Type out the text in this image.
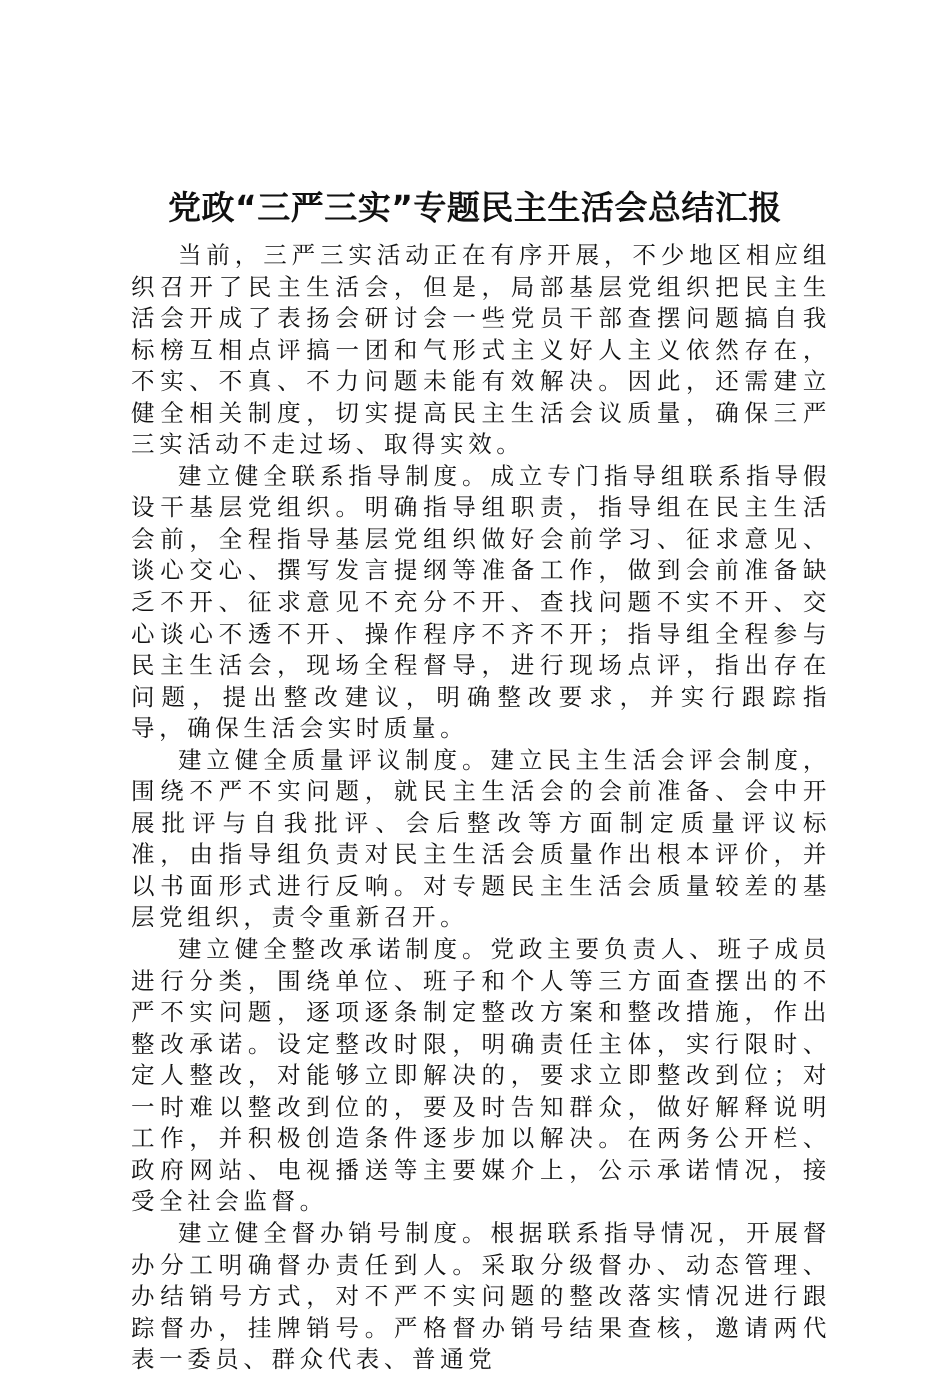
党政“三严三实”专题民主生活会总结汇报

当前，三严三实活动正在有序开展，不少地区相应组织召开了民主生活会，但是，局部基层党组织把民主生活会开成了表扬会研讨会一些党员干部查摆问题搞自我标榜互相点评搞一团和气形式主义好人主义依然存在，不实、不真、不力问题未能有效解决。因此，还需建立健全相关制度，切实提高民主生活会议质量，确保三严三实活动不走过场、取得实效。

建立健全联系指导制度。成立专门指导组联系指导假设干基层党组织。明确指导组职责，指导组在民主生活会前，全程指导基层党组织做好会前学习、征求意见、谈心交心、撰写发言提纲等准备工作，做到会前准备缺乏不开、征求意见不充分不开、查找问题不实不开、交心谈心不透不开、操作程序不齐不开；指导组全程参与民主生活会，现场全程督导，进行现场点评，指出存在问题，提出整改建议，明确整改要求，并实行跟踪指导，确保生活会实时质量。

建立健全质量评议制度。建立民主生活会评会制度，围绕不严不实问题，就民主生活会的会前准备、会中开展批评与自我批评、会后整改等方面制定质量评议标准，由指导组负责对民主生活会质量作出根本评价，并以书面形式进行反响。对专题民主生活会质量较差的基层党组织，责令重新召开。

建立健全整改承诺制度。党政主要负责人、班子成员进行分类，围绕单位、班子和个人等三方面查摆出的不严不实问题，逐项逐条制定整改方案和整改措施，作出整改承诺。设定整改时限，明确责任主体，实行限时、定人整改，对能够立即解决的，要求立即整改到位；对一时难以整改到位的，要及时告知群众，做好解释说明工作，并积极创造条件逐步加以解决。在两务公开栏、政府网站、电视播送等主要媒介上，公示承诺情况，接受全社会监督。

建立健全督办销号制度。根据联系指导情况，开展督办分工明确督办责任到人。采取分级督办、动态管理、办结销号方式，对不严不实问题的整改落实情况进行跟踪督办，挂牌销号。严格督办销号结果查核，邀请两代表一委员、群众代表、普通党
